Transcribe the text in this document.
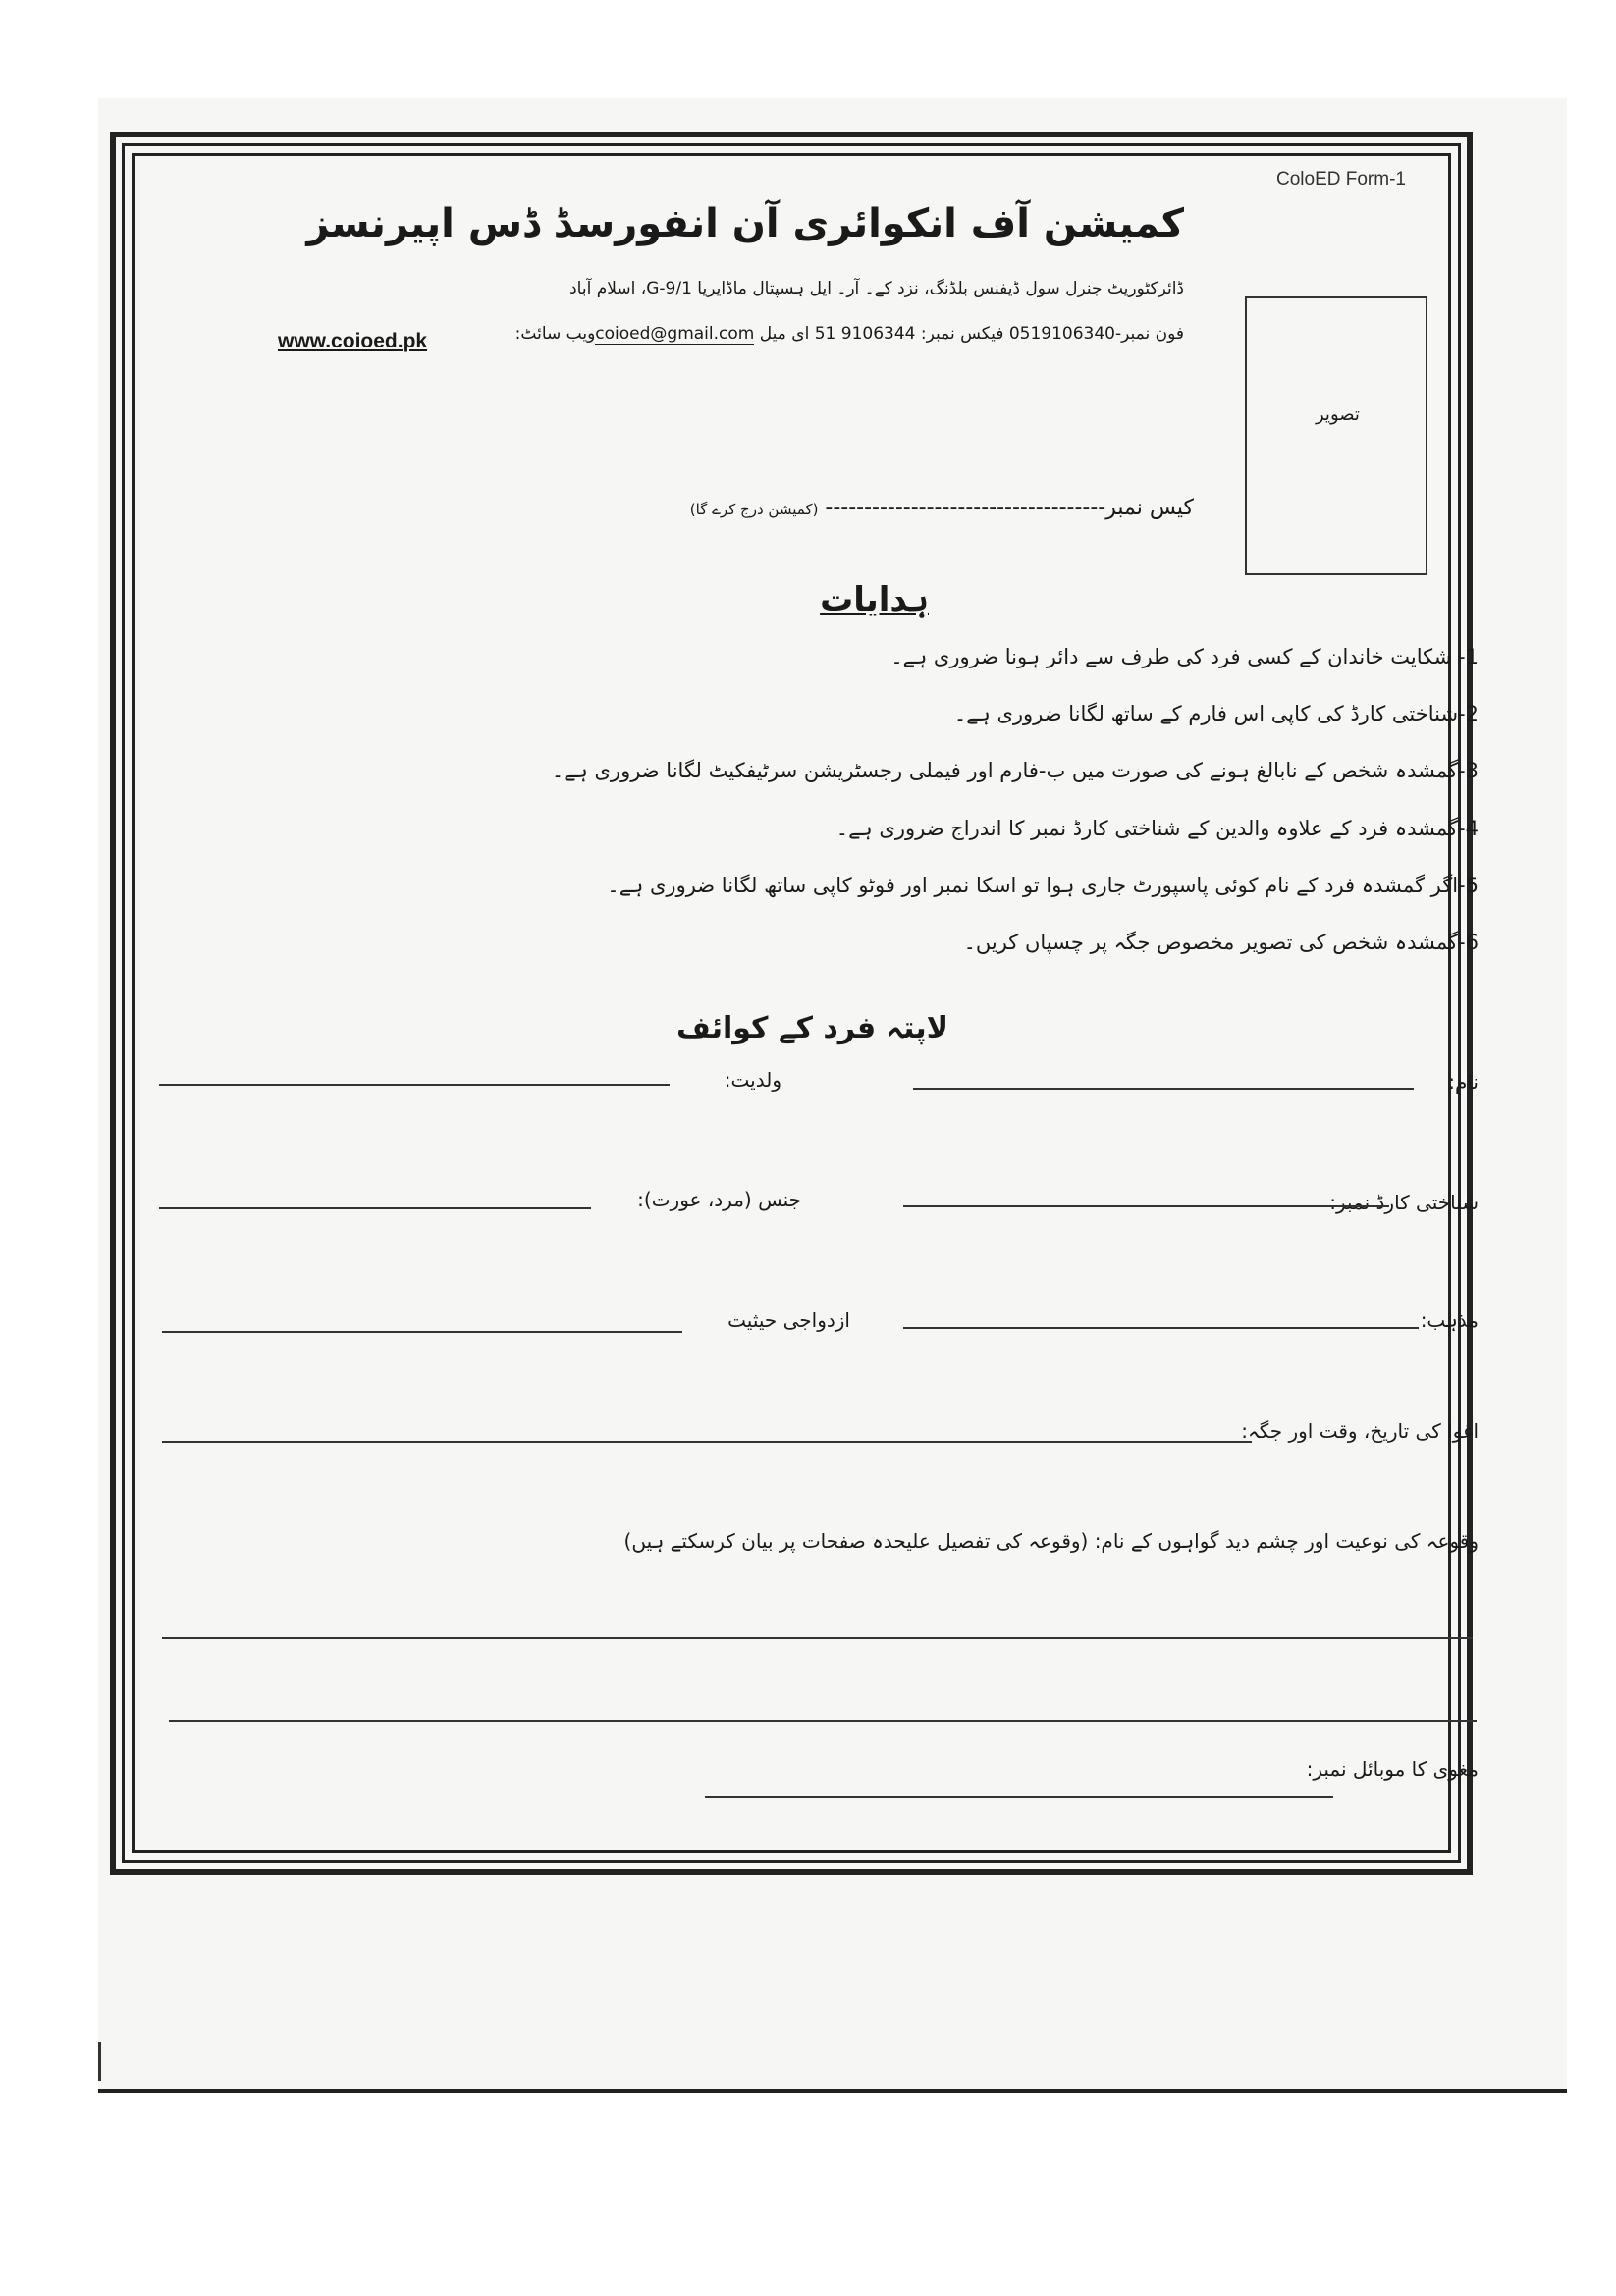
ColoED Form-1
کمیشن آف انکوائری آن انفورسڈ ڈس اپیرنسز
ڈائرکٹوریٹ جنرل سول ڈیفنس بلڈنگ، نزد کے۔ آر۔ ایل ہسپتال ماڈایریا G-9/1، اسلام آباد
فون نمبر-0519106340 فیکس نمبر: 9106344 51 ای میل coioed@gmail.comویب سائٹ:
www.coioed.pk
تصویر
کیس نمبر------------------------------------ (کمیشن درج کرے گا)
ہدایات
1- شکایت خاندان کے کسی فرد کی طرف سے دائر ہونا ضروری ہے۔
2-شناختی کارڈ کی کاپی اس فارم کے ساتھ لگانا ضروری ہے۔
3-گمشدہ شخص کے نابالغ ہونے کی صورت میں ب-فارم اور فیملی رجسٹریشن سرٹیفکیٹ لگانا ضروری ہے۔
4-گمشدہ فرد کے علاوہ والدین کے شناختی کارڈ نمبر کا اندراج ضروری ہے۔
5-اگر گمشدہ فرد کے نام کوئی پاسپورٹ جاری ہوا تو اسکا نمبر اور فوٹو کاپی ساتھ لگانا ضروری ہے۔
6-گمشدہ شخص کی تصویر مخصوص جگہ پر چسپاں کریں۔
لاپتہ فرد کے کوائف
نام:
ولدیت:
شناختی کارڈ نمبر:
جنس (مرد، عورت):
مذہب:
ازدواجی حیثیت
اغوا کی تاریخ، وقت اور جگہ:
وقوعہ کی نوعیت اور چشم دید گواہوں کے نام: (وقوعہ کی تفصیل علیحدہ صفحات پر بیان کرسکتے ہیں)
مغوی کا موبائل نمبر:
